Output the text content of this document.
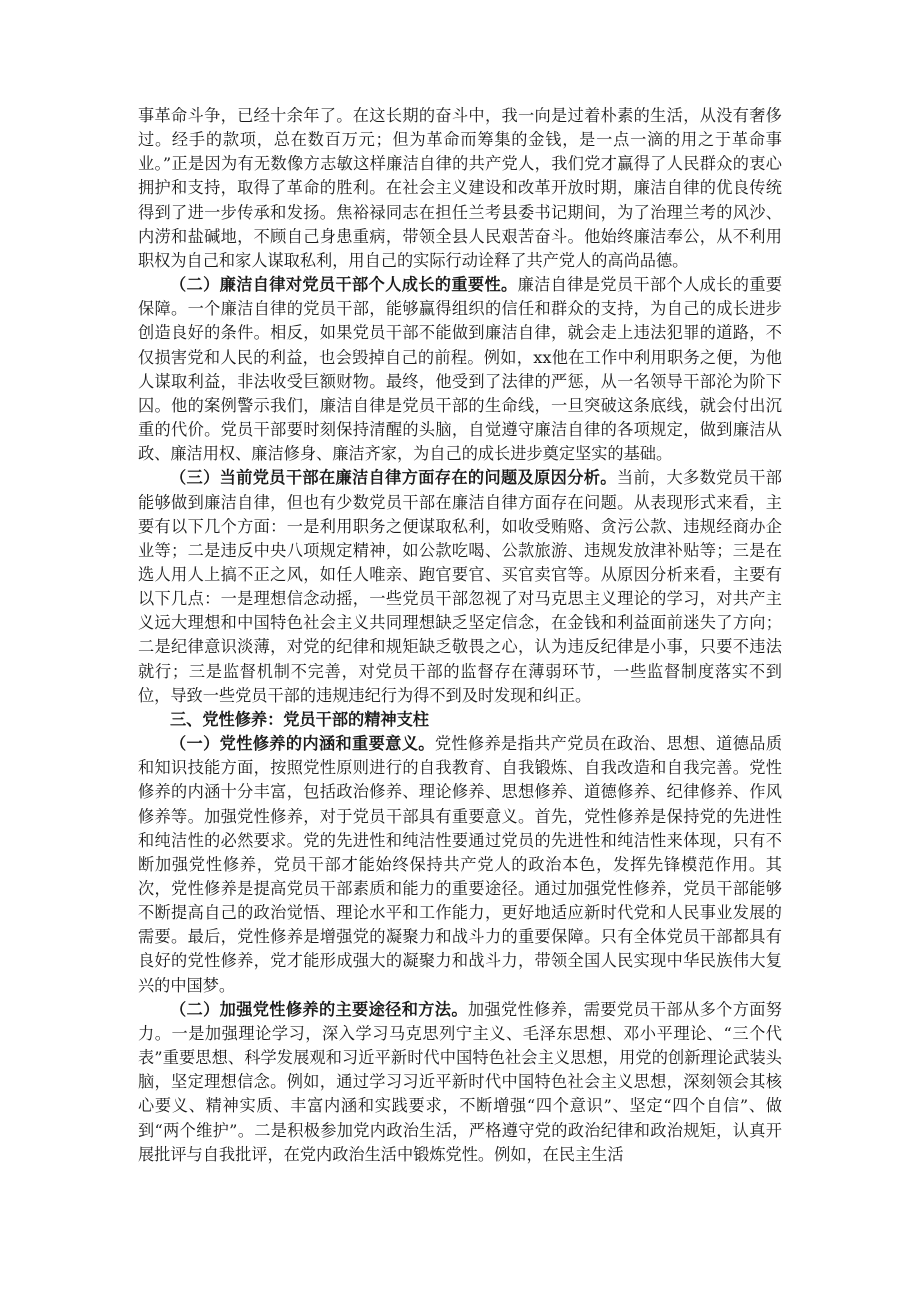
事革命斗争，已经十余年了。在这长期的奋斗中，我一向是过着朴素的生活，从没有奢侈过。经手的款项，总在数百万元；但为革命而筹集的金钱，是一点一滴的用之于革命事业。”正是因为有无数像方志敏这样廉洁自律的共产党人，我们党才赢得了人民群众的衷心拥护和支持，取得了革命的胜利。在社会主义建设和改革开放时期，廉洁自律的优良传统得到了进一步传承和发扬。焦裕禄同志在担任兰考县委书记期间，为了治理兰考的风沙、内涝和盐碱地，不顾自己身患重病，带领全县人民艰苦奋斗。他始终廉洁奉公，从不利用职权为自己和家人谋取私利，用自己的实际行动诠释了共产党人的高尚品德。

（二）廉洁自律对党员干部个人成长的重要性。廉洁自律是党员干部个人成长的重要保障。一个廉洁自律的党员干部，能够赢得组织的信任和群众的支持，为自己的成长进步创造良好的条件。相反，如果党员干部不能做到廉洁自律，就会走上违法犯罪的道路，不仅损害党和人民的利益，也会毁掉自己的前程。例如，xx他在工作中利用职务之便，为他人谋取利益，非法收受巨额财物。最终，他受到了法律的严惩，从一名领导干部沦为阶下囚。他的案例警示我们，廉洁自律是党员干部的生命线，一旦突破这条底线，就会付出沉重的代价。党员干部要时刻保持清醒的头脑，自觉遵守廉洁自律的各项规定，做到廉洁从政、廉洁用权、廉洁修身、廉洁齐家，为自己的成长进步奠定坚实的基础。

（三）当前党员干部在廉洁自律方面存在的问题及原因分析。当前，大多数党员干部能够做到廉洁自律，但也有少数党员干部在廉洁自律方面存在问题。从表现形式来看，主要有以下几个方面：一是利用职务之便谋取私利，如收受贿赂、贪污公款、违规经商办企业等；二是违反中央八项规定精神，如公款吃喝、公款旅游、违规发放津补贴等；三是在选人用人上搞不正之风，如任人唯亲、跑官要官、买官卖官等。从原因分析来看，主要有以下几点：一是理想信念动摇，一些党员干部忽视了对马克思主义理论的学习，对共产主义远大理想和中国特色社会主义共同理想缺乏坚定信念，在金钱和利益面前迷失了方向；二是纪律意识淡薄，对党的纪律和规矩缺乏敬畏之心，认为违反纪律是小事，只要不违法就行；三是监督机制不完善，对党员干部的监督存在薄弱环节，一些监督制度落实不到位，导致一些党员干部的违规违纪行为得不到及时发现和纠正。

三、党性修养：党员干部的精神支柱

（一）党性修养的内涵和重要意义。党性修养是指共产党员在政治、思想、道德品质和知识技能方面，按照党性原则进行的自我教育、自我锻炼、自我改造和自我完善。党性修养的内涵十分丰富，包括政治修养、理论修养、思想修养、道德修养、纪律修养、作风修养等。加强党性修养，对于党员干部具有重要意义。首先，党性修养是保持党的先进性和纯洁性的必然要求。党的先进性和纯洁性要通过党员的先进性和纯洁性来体现，只有不断加强党性修养，党员干部才能始终保持共产党人的政治本色，发挥先锋模范作用。其次，党性修养是提高党员干部素质和能力的重要途径。通过加强党性修养，党员干部能够不断提高自己的政治觉悟、理论水平和工作能力，更好地适应新时代党和人民事业发展的需要。最后，党性修养是增强党的凝聚力和战斗力的重要保障。只有全体党员干部都具有良好的党性修养，党才能形成强大的凝聚力和战斗力，带领全国人民实现中华民族伟大复兴的中国梦。

（二）加强党性修养的主要途径和方法。加强党性修养，需要党员干部从多个方面努力。一是加强理论学习，深入学习马克思列宁主义、毛泽东思想、邓小平理论、“三个代表”重要思想、科学发展观和习近平新时代中国特色社会主义思想，用党的创新理论武装头脑，坚定理想信念。例如，通过学习习近平新时代中国特色社会主义思想，深刻领会其核心要义、精神实质、丰富内涵和实践要求，不断增强“四个意识”、坚定“四个自信”、做到“两个维护”。二是积极参加党内政治生活，严格遵守党的政治纪律和政治规矩，认真开展批评与自我批评，在党内政治生活中锻炼党性。例如，在民主生活
